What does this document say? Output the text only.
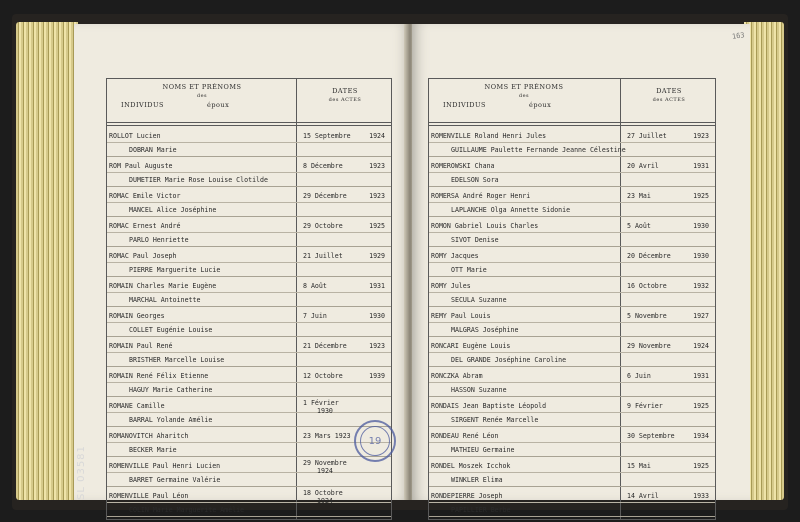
NOMS ET PRÉNOMS
des
INDIVIDUS	époux
DATES
des ACTES
ROLLOT Lucien
DOBRAN Marie
15 Septembre	1924
ROM Paul Auguste
DUMETIER Marie Rose Louise Clotilde
8 Décembre	1923
ROMAC Emile Victor
MANCEL Alice Joséphine
29 Décembre	1923
ROMAC Ernest André
PARLO Henriette
29 Octobre	1925
ROMAC Paul Joseph
PIERRE Marguerite Lucie
21 Juillet	1929
ROMAIN Charles Marie Eugène
MARCHAL Antoinette
8 Août	1931
ROMAIN Georges
COLLET Eugénie Louise
7 Juin	1930
ROMAIN Paul René
BRISTHER Marcelle Louise
21 Décembre	1923
ROMAIN René Félix Etienne
HAGUY Marie Catherine
12 Octobre	1939
ROMANE Camille
BARRAL Yolande Amélie
1 Février
1930
ROMANOVITCH Aharitch
BECKER Marie
23 Mars 1923
ROMENVILLE Paul Henri Lucien
BARRET Germaine Valérie
29 Novembre
1924
ROMENVILLE Paul Léon
COLIN Marie Marguerite Amélie
18 Octobre
1924
SL 03581
163
NOMS ET PRÉNOMS
des
INDIVIDUS	époux
DATES
des ACTES
ROMENVILLE Roland Henri Jules
GUILLAUME Paulette Fernande Jeanne Célestine
27 Juillet	1923
ROMEROWSKI Chana
EDELSON Sora
20 Avril	1931
ROMERSA André Roger Henri
LAPLANCHE Olga Annette Sidonie
23 Mai	1925
ROMON Gabriel Louis Charles
SIVOT Denise
5 Août	1930
ROMY Jacques
OTT Marie
20 Décembre	1930
ROMY Jules
SECULA Suzanne
16 Octobre	1932
REMY Paul Louis
MALGRAS Joséphine
5 Novembre	1927
RONCARI Eugène Louis
DEL GRANDE Joséphine Caroline
29 Novembre	1924
RONCZKA Abram
HASSON Suzanne
6 Juin	1931
RONDAIS Jean Baptiste Léopold
SIRGENT Renée Marcelle
9 Février	1925
RONDEAU René Léon
MATHIEU Germaine
30 Septembre	1934
RONDEL Moszek Icchok
WINKLER Elima
15 Mai	1925
RONDEPIERRE Joseph
PAPILLIER Berbe
14 Avril	1933
19
